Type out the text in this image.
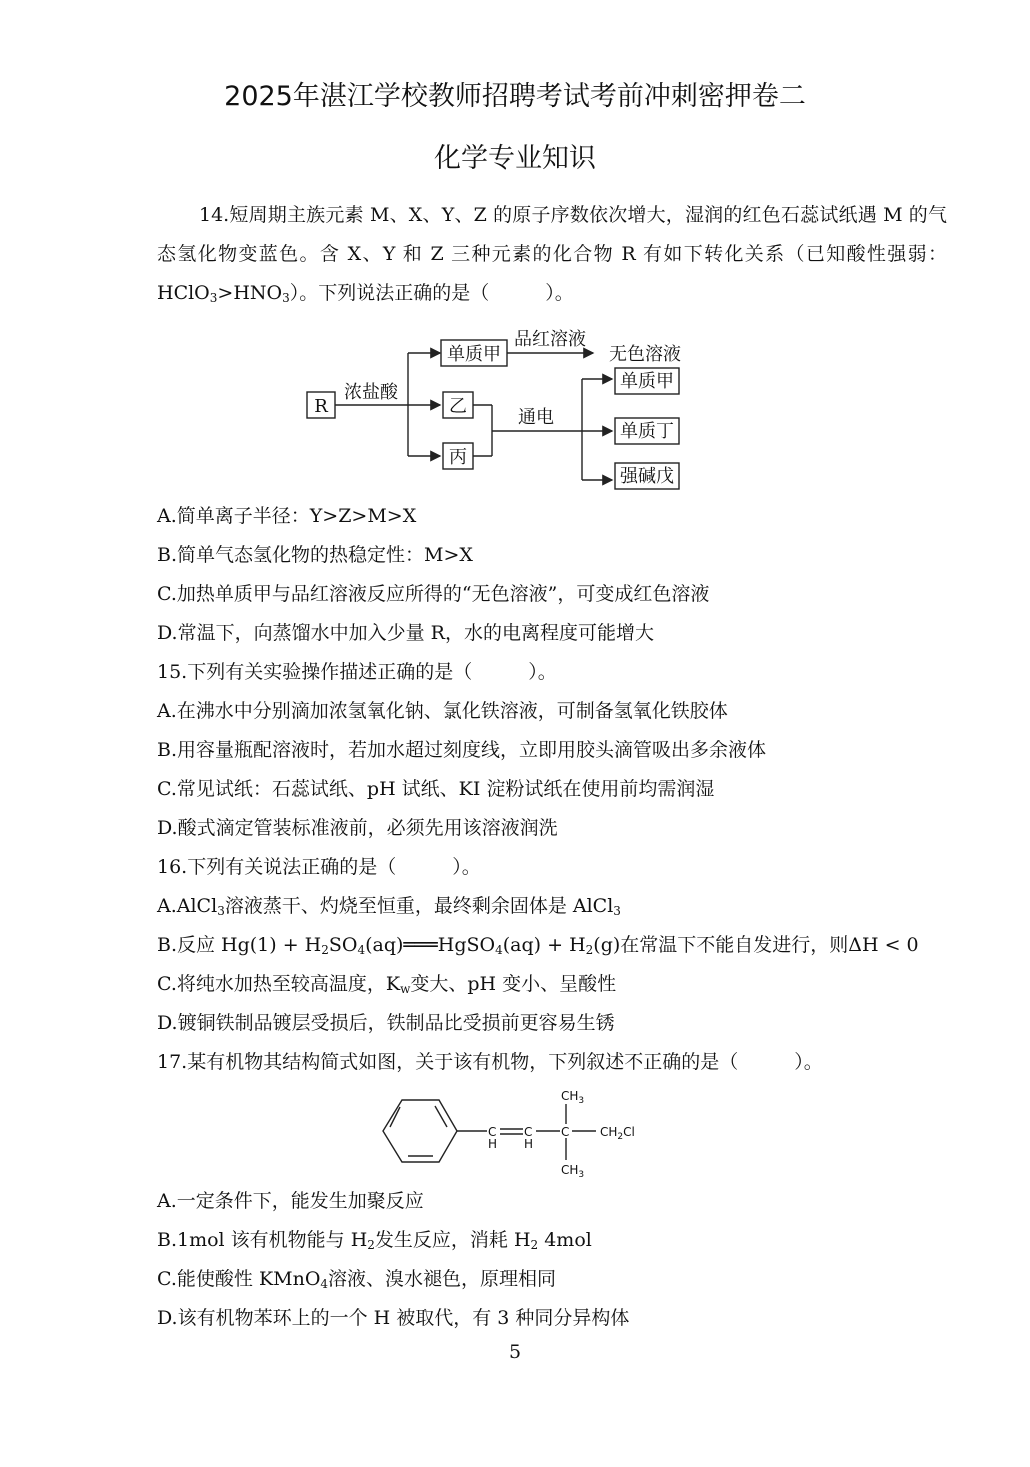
2025年湛江学校教师招聘考试考前冲刺密押卷二
化学专业知识
14.短周期主族元素 M、X、Y、Z 的原子序数依次增大，湿润的红色石蕊试纸遇 M 的气态氢化物变蓝色。含 X、Y 和 Z 三种元素的化合物 R 有如下转化关系（已知酸性强弱：$HClO_3>HNO_3$）。下列说法正确的是（	）。
R
浓盐酸
单质甲
乙
丙
品红溶液
无色溶液
通电
单质甲
单质丁
强碱戊
A.简单离子半径：Y>Z>M>X
B.简单气态氢化物的热稳定性：M>X
C.加热单质甲与品红溶液反应所得的“无色溶液”，可变成红色溶液
D.常温下，向蒸馏水中加入少量 R，水的电离程度可能增大
15.下列有关实验操作描述正确的是（	）。
A.在沸水中分别滴加浓氢氧化钠、氯化铁溶液，可制备氢氧化铁胶体
B.用容量瓶配溶液时，若加水超过刻度线，立即用胶头滴管吸出多余液体
C.常见试纸：石蕊试纸、pH 试纸、KI 淀粉试纸在使用前均需润湿
D.酸式滴定管装标准液前，必须先用该溶液润洗
16.下列有关说法正确的是（	）。
A.AlCl$_3$溶液蒸干、灼烧至恒重，最终剩余固体是 AlCl$_3$
B.反应 $Hg(1) + H_2SO_4(aq)═══HgSO_4(aq) + H_2(g)$在常温下不能自发进行，则ΔH < 0
C.将纯水加热至较高温度，$K_w$变大、pH 变小、呈酸性
D.镀铜铁制品镀层受损后，铁制品比受损前更容易生锈
17.某有机物其结构简式如图，关于该有机物，下列叙述不正确的是（	）。
C
H
C
H
C
$CH_3$
$CH_3$
$CH_2Cl$
A.一定条件下，能发生加聚反应
B.1mol 该有机物能与 $H_2$发生反应，消耗 $H_2$ 4mol
C.能使酸性 KMnO$_4$溶液、溴水褪色，原理相同
D.该有机物苯环上的一个 H 被取代，有 3 种同分异构体
5
